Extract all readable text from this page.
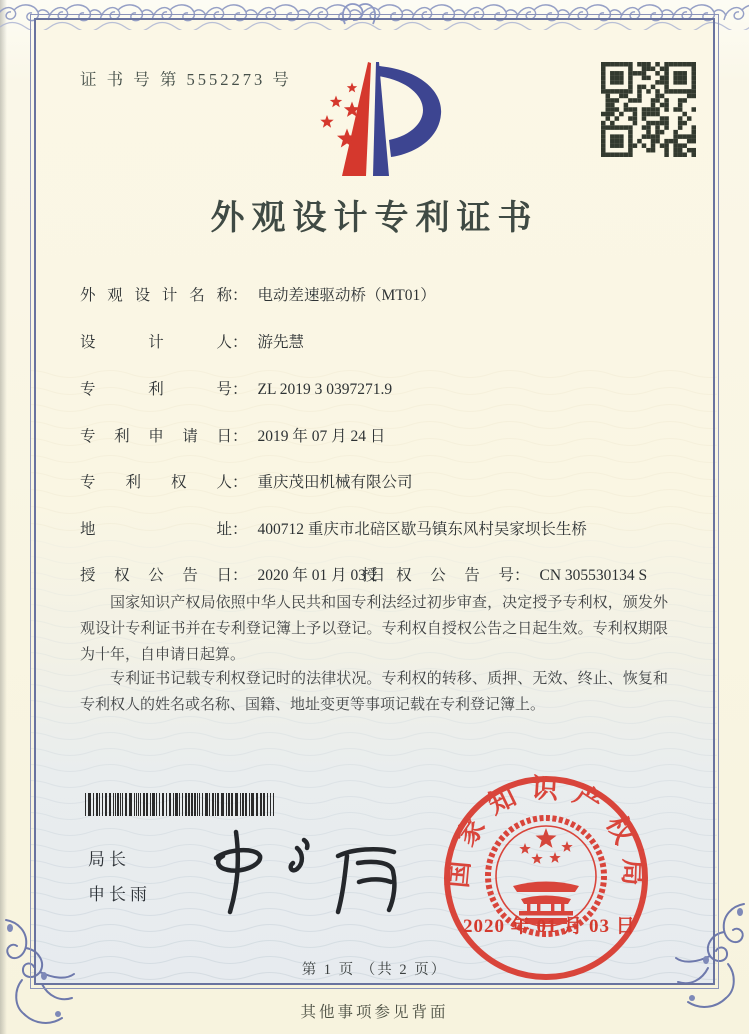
证 书 号 第 5552273 号
外观设计专利证书
外观设计名称： 电动差速驱动桥（MT01）
设计人： 游先慧
专利号： ZL 2019 3 0397271.9
专利申请日： 2019 年 07 月 24 日
专利权人： 重庆茂田机械有限公司
地址： 400712 重庆市北碚区歇马镇东风村吴家坝长生桥
授权公告日： 2020 年 01 月 03 日
授权公告号： CN 305530134 S
国家知识产权局依照中华人民共和国专利法经过初步审查，决定授予专利权，颁发外观设计专利证书并在专利登记簿上予以登记。专利权自授权公告之日起生效。专利权期限为十年，自申请日起算。
专利证书记载专利权登记时的法律状况。专利权的转移、质押、无效、终止、恢复和专利权人的姓名或名称、国籍、地址变更等事项记载在专利登记簿上。
局长
申长雨
国家知识产权局
2020 年 01 月 03 日
第 1 页 （共 2 页）
其他事项参见背面
